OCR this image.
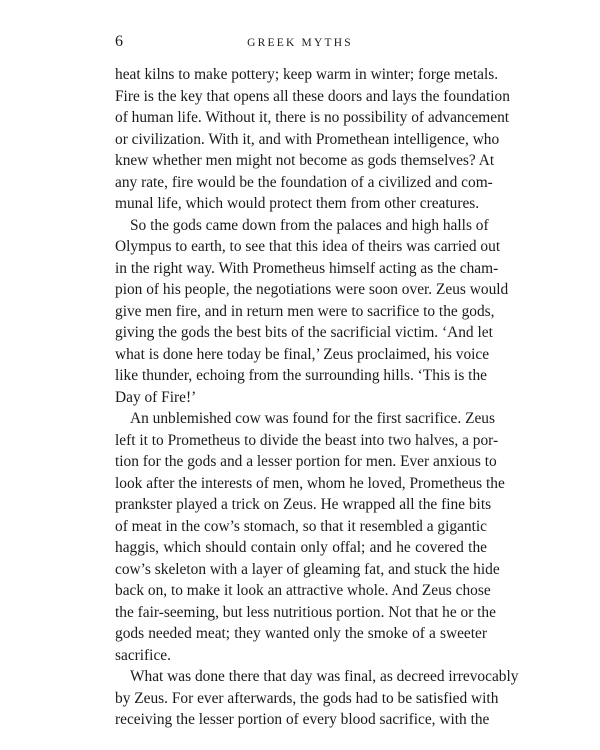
6	GREEK MYTHS
heat kilns to make pottery; keep warm in winter; forge metals.
Fire is the key that opens all these doors and lays the foundation
of human life. Without it, there is no possibility of advancement
or civilization. With it, and with Promethean intelligence, who
knew whether men might not become as gods themselves? At
any rate, fire would be the foundation of a civilized and com-
munal life, which would protect them from other creatures.
So the gods came down from the palaces and high halls of
Olympus to earth, to see that this idea of theirs was carried out
in the right way. With Prometheus himself acting as the cham-
pion of his people, the negotiations were soon over. Zeus would
give men fire, and in return men were to sacrifice to the gods,
giving the gods the best bits of the sacrificial victim. ‘And let
what is done here today be final,’ Zeus proclaimed, his voice
like thunder, echoing from the surrounding hills. ‘This is the
Day of Fire!’
An unblemished cow was found for the first sacrifice. Zeus
left it to Prometheus to divide the beast into two halves, a por-
tion for the gods and a lesser portion for men. Ever anxious to
look after the interests of men, whom he loved, Prometheus the
prankster played a trick on Zeus. He wrapped all the fine bits
of meat in the cow’s stomach, so that it resembled a gigantic
haggis, which should contain only offal; and he covered the
cow’s skeleton with a layer of gleaming fat, and stuck the hide
back on, to make it look an attractive whole. And Zeus chose
the fair-seeming, but less nutritious portion. Not that he or the
gods needed meat; they wanted only the smoke of a sweeter
sacrifice.
What was done there that day was final, as decreed irrevocably
by Zeus. For ever afterwards, the gods had to be satisfied with
receiving the lesser portion of every blood sacrifice, with the
